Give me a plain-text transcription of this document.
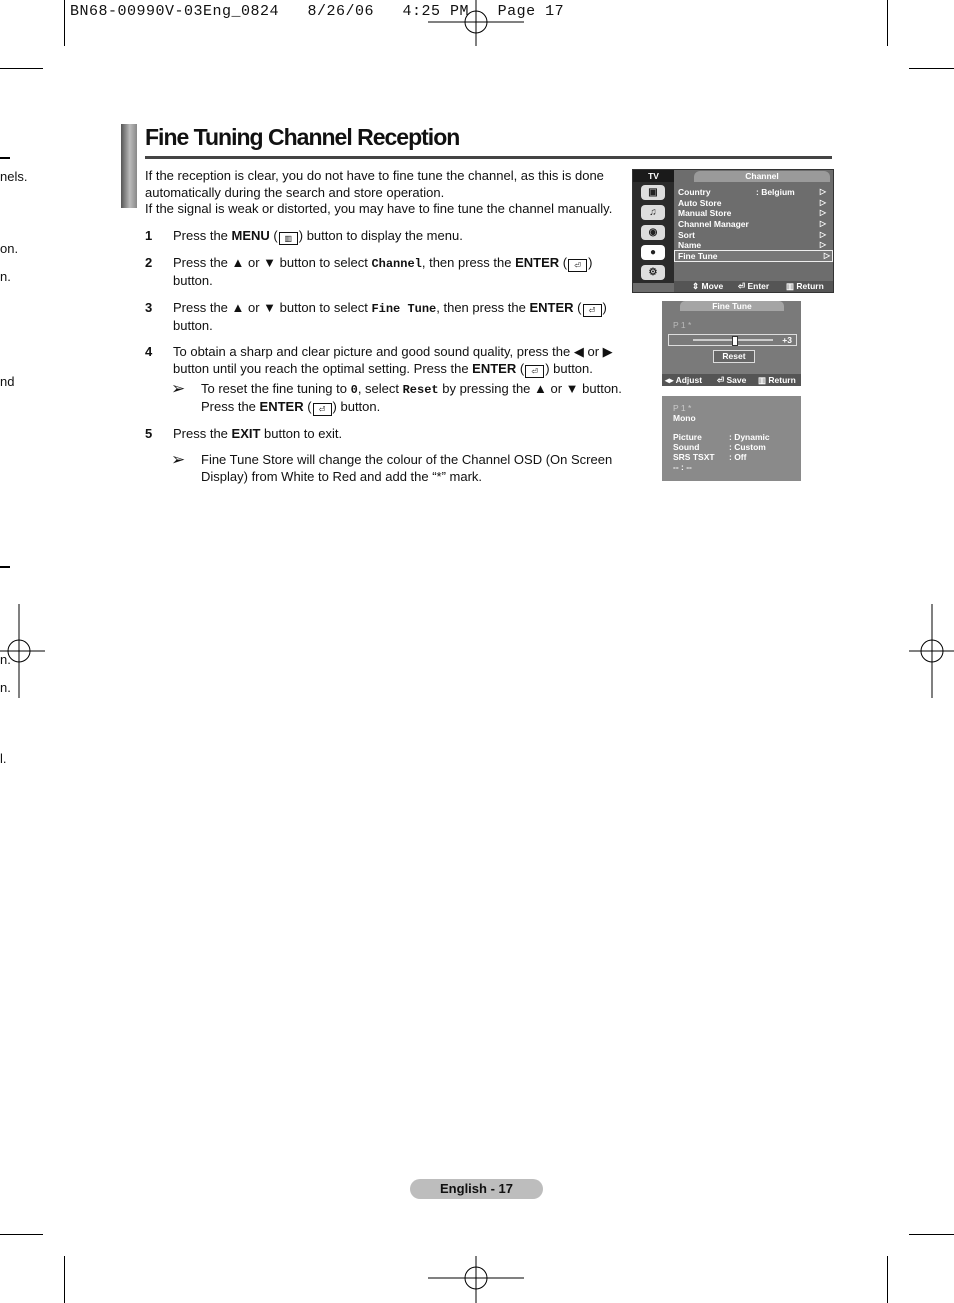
BN68-00990V-03Eng_0824   8/26/06   4:25 PM   Page 17
nels.
on.
n.
nd
n.
n.
l.
Fine Tuning Channel Reception
If the reception is clear, you do not have to fine tune the channel, as this is done automatically during the search and store operation.
If the signal is weak or distorted, you may have to fine tune the channel manually.
1 Press the MENU ( ▥ ) button to display the menu.
2 Press the ▲ or ▼ button to select Channel, then press the ENTER ( ⏎ ) button.
3 Press the ▲ or ▼ button to select Fine Tune, then press the ENTER ( ⏎ ) button.
4 To obtain a sharp and clear picture and good sound quality, press the ◀ or ▶ button until you reach the optimal setting. Press the ENTER ( ⏎ ) button.
➢ To reset the fine tuning to 0, select Reset by pressing the ▲ or ▼ button. Press the ENTER ( ⏎ ) button.
5 Press the EXIT button to exit.
➢ Fine Tune Store will change the colour of the Channel OSD (On Screen Display) from White to Red and add the “*” mark.
TV	Channel
▣
♫
◉
●
⚙
Country	: Belgium	▷
Auto Store	▷
Manual Store	▷
Channel Manager	▷
Sort	▷
Name	▷
Fine Tune	▷
⇕ Move ⏎ Enter ▥ Return
Fine Tune
P 1 *
+3
Reset
◂▸ Adjust ⏎ Save ▥ Return
P 1 *
Mono
Picture	: Dynamic
Sound	: Custom
SRS TSXT : Off
-- : --
English - 17
